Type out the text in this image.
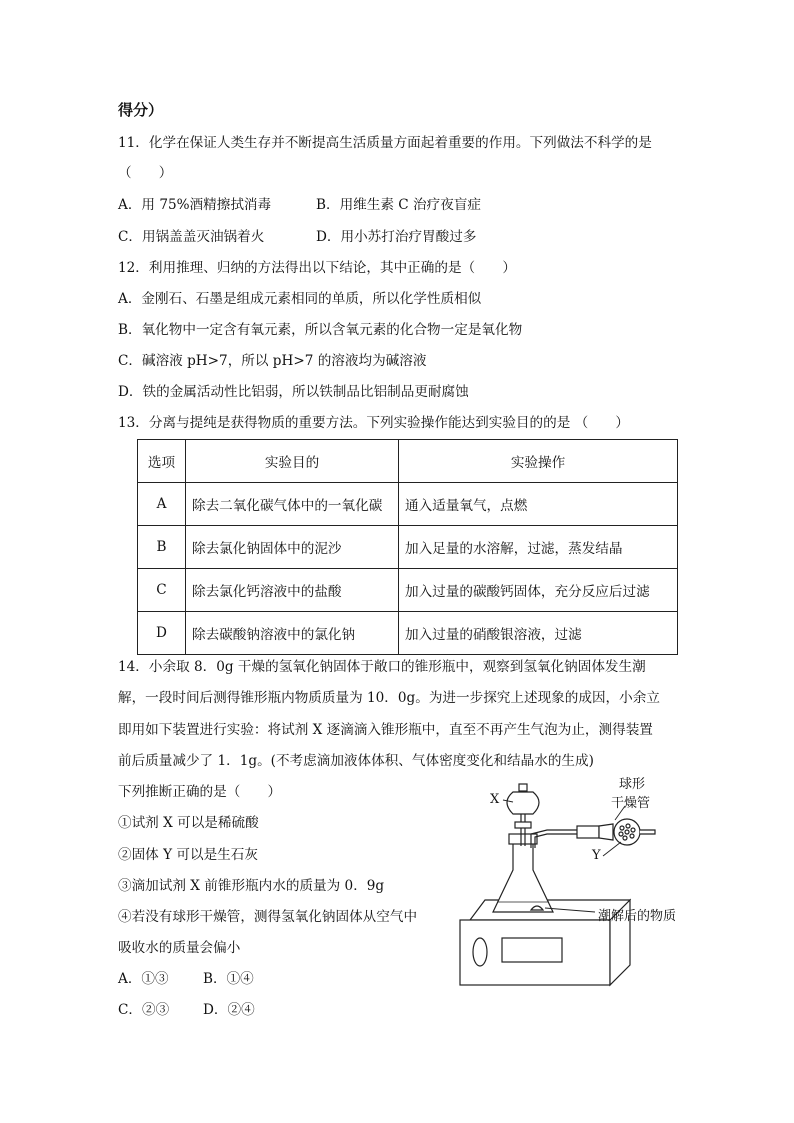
得分）
11．化学在保证人类生存并不断提高生活质量方面起着重要的作用。下列做法不科学的是
（　　）
A．用 75%酒精擦拭消毒	B．用维生素 C 治疗夜盲症
C．用锅盖盖灭油锅着火	D．用小苏打治疗胃酸过多
12．利用推理、归纳的方法得出以下结论，其中正确的是（　　）
A．金刚石、石墨是组成元素相同的单质，所以化学性质相似
B．氧化物中一定含有氧元素，所以含氧元素的化合物一定是氧化物
C．碱溶液 pH>7，所以 pH>7 的溶液均为碱溶液
D．铁的金属活动性比铝弱，所以铁制品比铝制品更耐腐蚀
13．分离与提纯是获得物质的重要方法。下列实验操作能达到实验目的的是 （　　）
选项	实验目的	实验操作
A	除去二氧化碳气体中的一氧化碳	通入适量氧气，点燃
B	除去氯化钠固体中的泥沙	加入足量的水溶解，过滤，蒸发结晶
C	除去氯化钙溶液中的盐酸	加入过量的碳酸钙固体，充分反应后过滤
D	除去碳酸钠溶液中的氯化钠	加入过量的硝酸银溶液，过滤
14．小余取 8．0g 干燥的氢氧化钠固体于敞口的锥形瓶中，观察到氢氧化钠固体发生潮
解，一段时间后测得锥形瓶内物质质量为 10．0g。为进一步探究上述现象的成因，小余立
即用如下装置进行实验：将试剂 X 逐滴滴入锥形瓶中，直至不再产生气泡为止，测得装置
前后质量减少了 1．1g。(不考虑滴加液体体积、气体密度变化和结晶水的生成)
下列推断正确的是（　　）
①试剂 X 可以是稀硫酸
②固体 Y 可以是生石灰
③滴加试剂 X 前锥形瓶内水的质量为 0．9g
④若没有球形干燥管，测得氢氧化钠固体从空气中
吸收水的质量会偏小
A．①③	B．①④
C．②③ D．②④
X
Y
球形
干燥管
潮解后的物质
